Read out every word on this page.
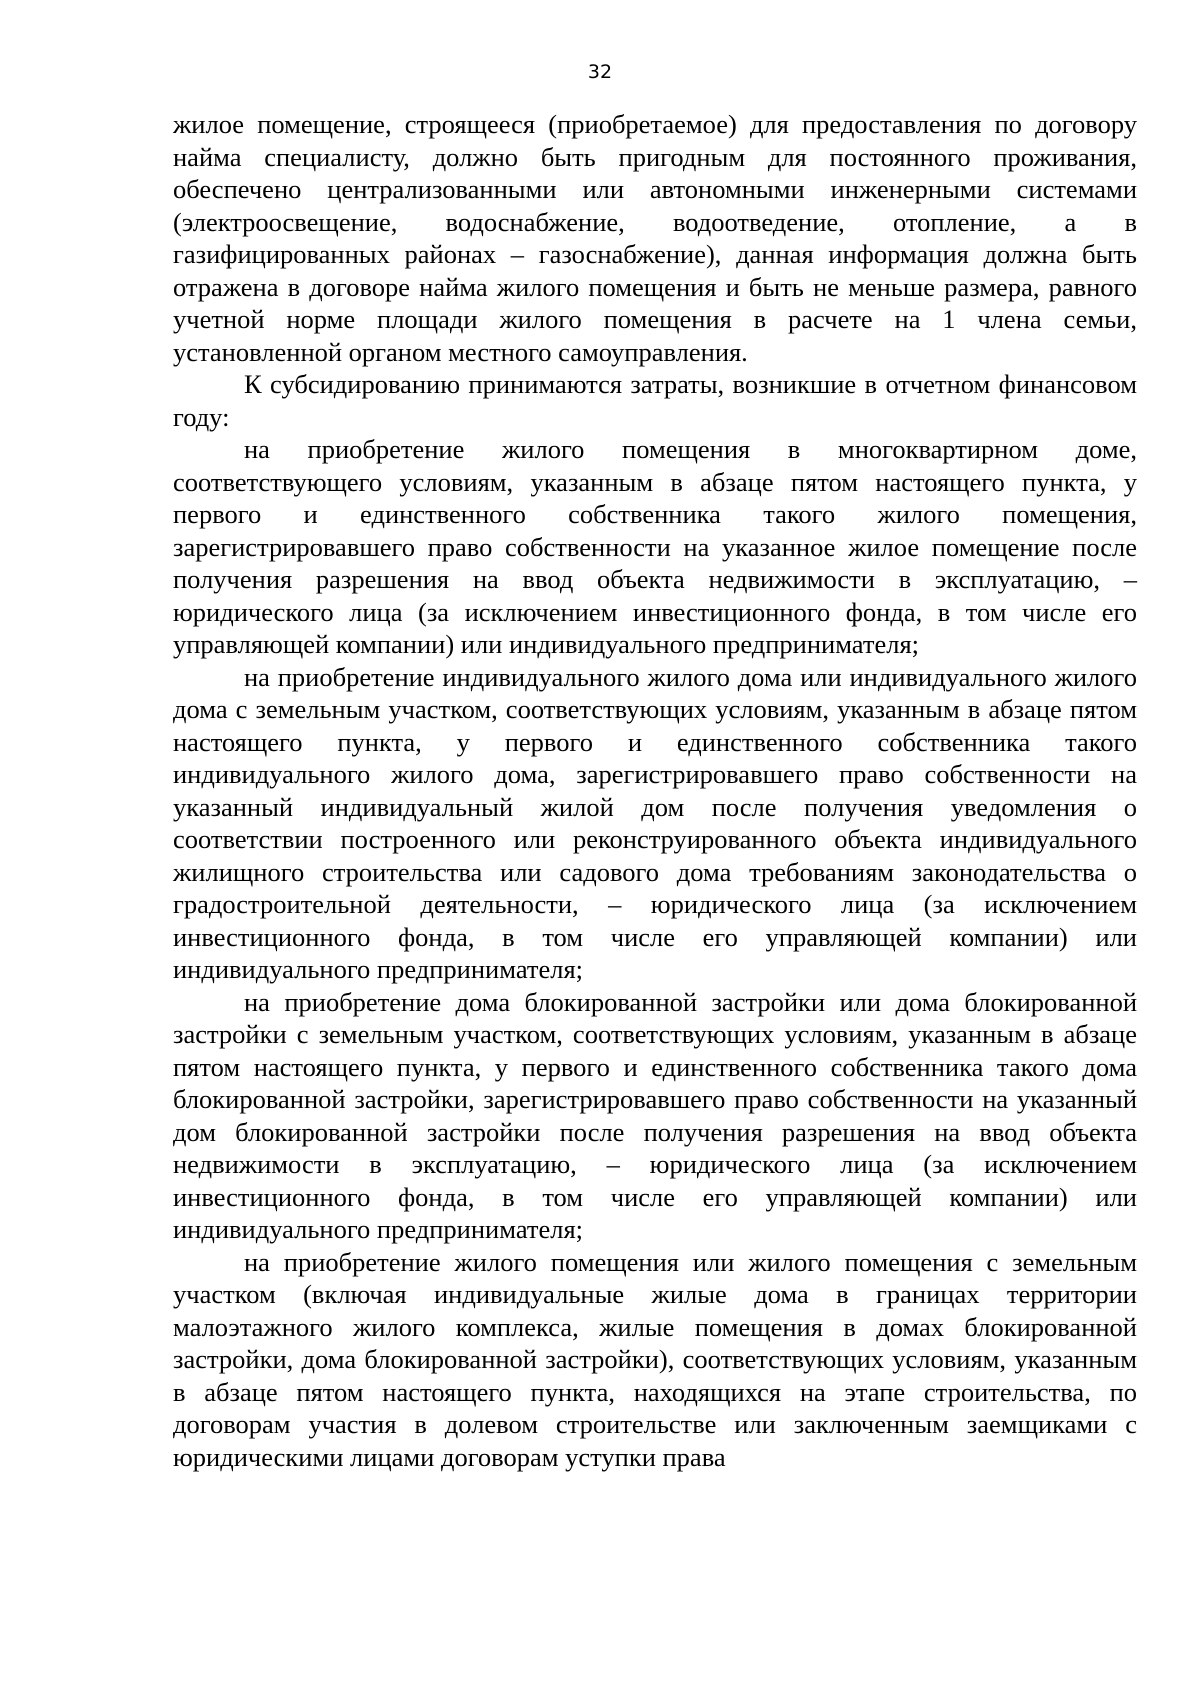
32

жилое помещение, строящееся (приобретаемое) для предоставления по договору найма специалисту, должно быть пригодным для постоянного проживания, обеспечено централизованными или автономными инженерными системами (электроосвещение, водоснабжение, водоотведение, отопление, а в газифицированных районах – газоснабжение), данная информация должна быть отражена в договоре найма жилого помещения и быть не меньше размера, равного учетной норме площади жилого помещения в расчете на 1 члена семьи, установленной органом местного самоуправления.

К субсидированию принимаются затраты, возникшие в отчетном финансовом году:

на приобретение жилого помещения в многоквартирном доме, соответствующего условиям, указанным в абзаце пятом настоящего пункта, у первого и единственного собственника такого жилого помещения, зарегистрировавшего право собственности на указанное жилое помещение после получения разрешения на ввод объекта недвижимости в эксплуатацию, – юридического лица (за исключением инвестиционного фонда, в том числе его управляющей компании) или индивидуального предпринимателя;

на приобретение индивидуального жилого дома или индивидуального жилого дома с земельным участком, соответствующих условиям, указанным в абзаце пятом настоящего пункта, у первого и единственного собственника такого индивидуального жилого дома, зарегистрировавшего право собственности на указанный индивидуальный жилой дом после получения уведомления о соответствии построенного или реконструированного объекта индивидуального жилищного строительства или садового дома требованиям законодательства о градостроительной деятельности, – юридического лица (за исключением инвестиционного фонда, в том числе его управляющей компании) или индивидуального предпринимателя;

на приобретение дома блокированной застройки или дома блокированной застройки с земельным участком, соответствующих условиям, указанным в абзаце пятом настоящего пункта, у первого и единственного собственника такого дома блокированной застройки, зарегистрировавшего право собственности на указанный дом блокированной застройки после получения разрешения на ввод объекта недвижимости в эксплуатацию, – юридического лица (за исключением инвестиционного фонда, в том числе его управляющей компании) или индивидуального предпринимателя;

на приобретение жилого помещения или жилого помещения с земельным участком (включая индивидуальные жилые дома в границах территории малоэтажного жилого комплекса, жилые помещения в домах блокированной застройки, дома блокированной застройки), соответствующих условиям, указанным в абзаце пятом настоящего пункта, находящихся на этапе строительства, по договорам участия в долевом строительстве или заключенным заемщиками с юридическими лицами договорам уступки права
